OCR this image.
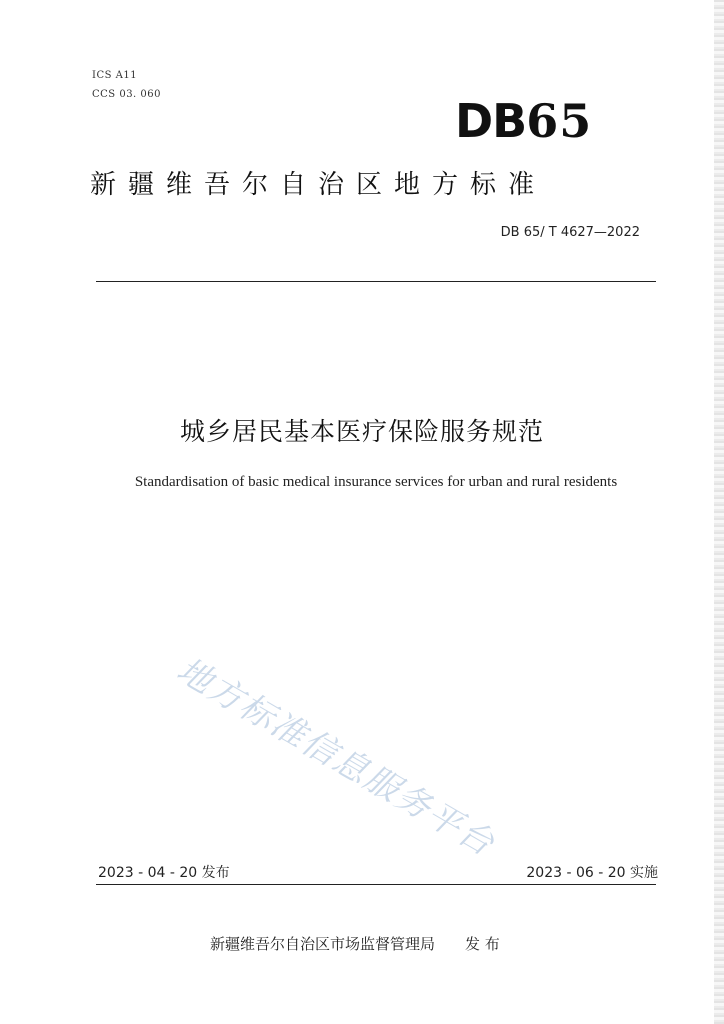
ICS A11
CCS 03. 060	DB65
新疆维吾尔自治区地方标准
DB 65/ T 4627—2022
城乡居民基本医疗保险服务规范
Standardisation of basic medical insurance services for urban and rural residents
地方标准信息服务平台
2023 - 04 - 20 发布	2023 - 06 - 20 实施
新疆维吾尔自治区市场监督管理局 发 布
